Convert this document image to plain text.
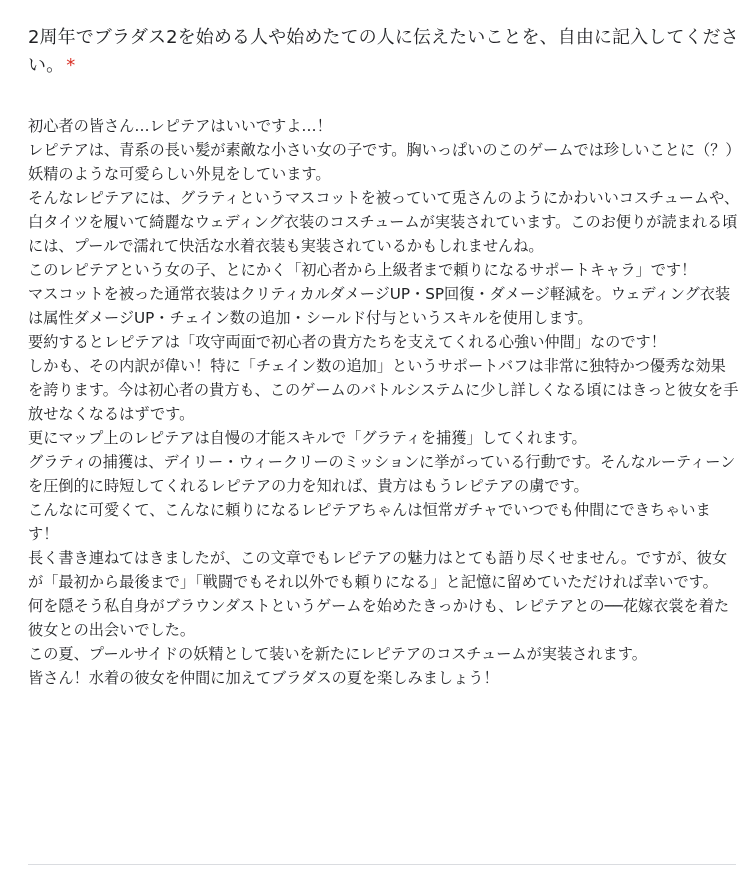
2周年でブラダス2を始める人や始めたての人に伝えたいことを、自由に記入してください。 *
初心者の皆さん…レピテアはいいですよ…！
レピテアは、青系の長い髪が素敵な小さい女の子です。胸いっぱいのこのゲームでは珍しいことに（？）妖精のような可愛らしい外見をしています。
そんなレピテアには、グラティというマスコットを被っていて兎さんのようにかわいいコスチュームや、白タイツを履いて綺麗なウェディング衣装のコスチュームが実装されています。このお便りが読まれる頃には、プールで濡れて快活な水着衣装も実装されているかもしれませんね。
このレピテアという女の子、とにかく「初心者から上級者まで頼りになるサポートキャラ」です！
マスコットを被った通常衣装はクリティカルダメージUP・SP回復・ダメージ軽減を。ウェディング衣装は属性ダメージUP・チェイン数の追加・シールド付与というスキルを使用します。
要約するとレピテアは「攻守両面で初心者の貴方たちを支えてくれる心強い仲間」なのです！
しかも、その内訳が偉い！特に「チェイン数の追加」というサポートバフは非常に独特かつ優秀な効果を誇ります。今は初心者の貴方も、このゲームのバトルシステムに少し詳しくなる頃にはきっと彼女を手放せなくなるはずです。
更にマップ上のレピテアは自慢の才能スキルで「グラティを捕獲」してくれます。
グラティの捕獲は、デイリー・ウィークリーのミッションに挙がっている行動です。そんなルーティーンを圧倒的に時短してくれるレピテアの力を知れば、貴方はもうレピテアの虜です。
こんなに可愛くて、こんなに頼りになるレピテアちゃんは恒常ガチャでいつでも仲間にできちゃいます！
長く書き連ねてはきましたが、この文章でもレピテアの魅力はとても語り尽くせません。ですが、彼女が「最初から最後まで」「戦闘でもそれ以外でも頼りになる」と記憶に留めていただければ幸いです。
何を隠そう私自身がブラウンダストというゲームを始めたきっかけも、レピテアとの──花嫁衣裳を着た彼女との出会いでした。
この夏、プールサイドの妖精として装いを新たにレピテアのコスチュームが実装されます。
皆さん！水着の彼女を仲間に加えてブラダスの夏を楽しみましょう！
